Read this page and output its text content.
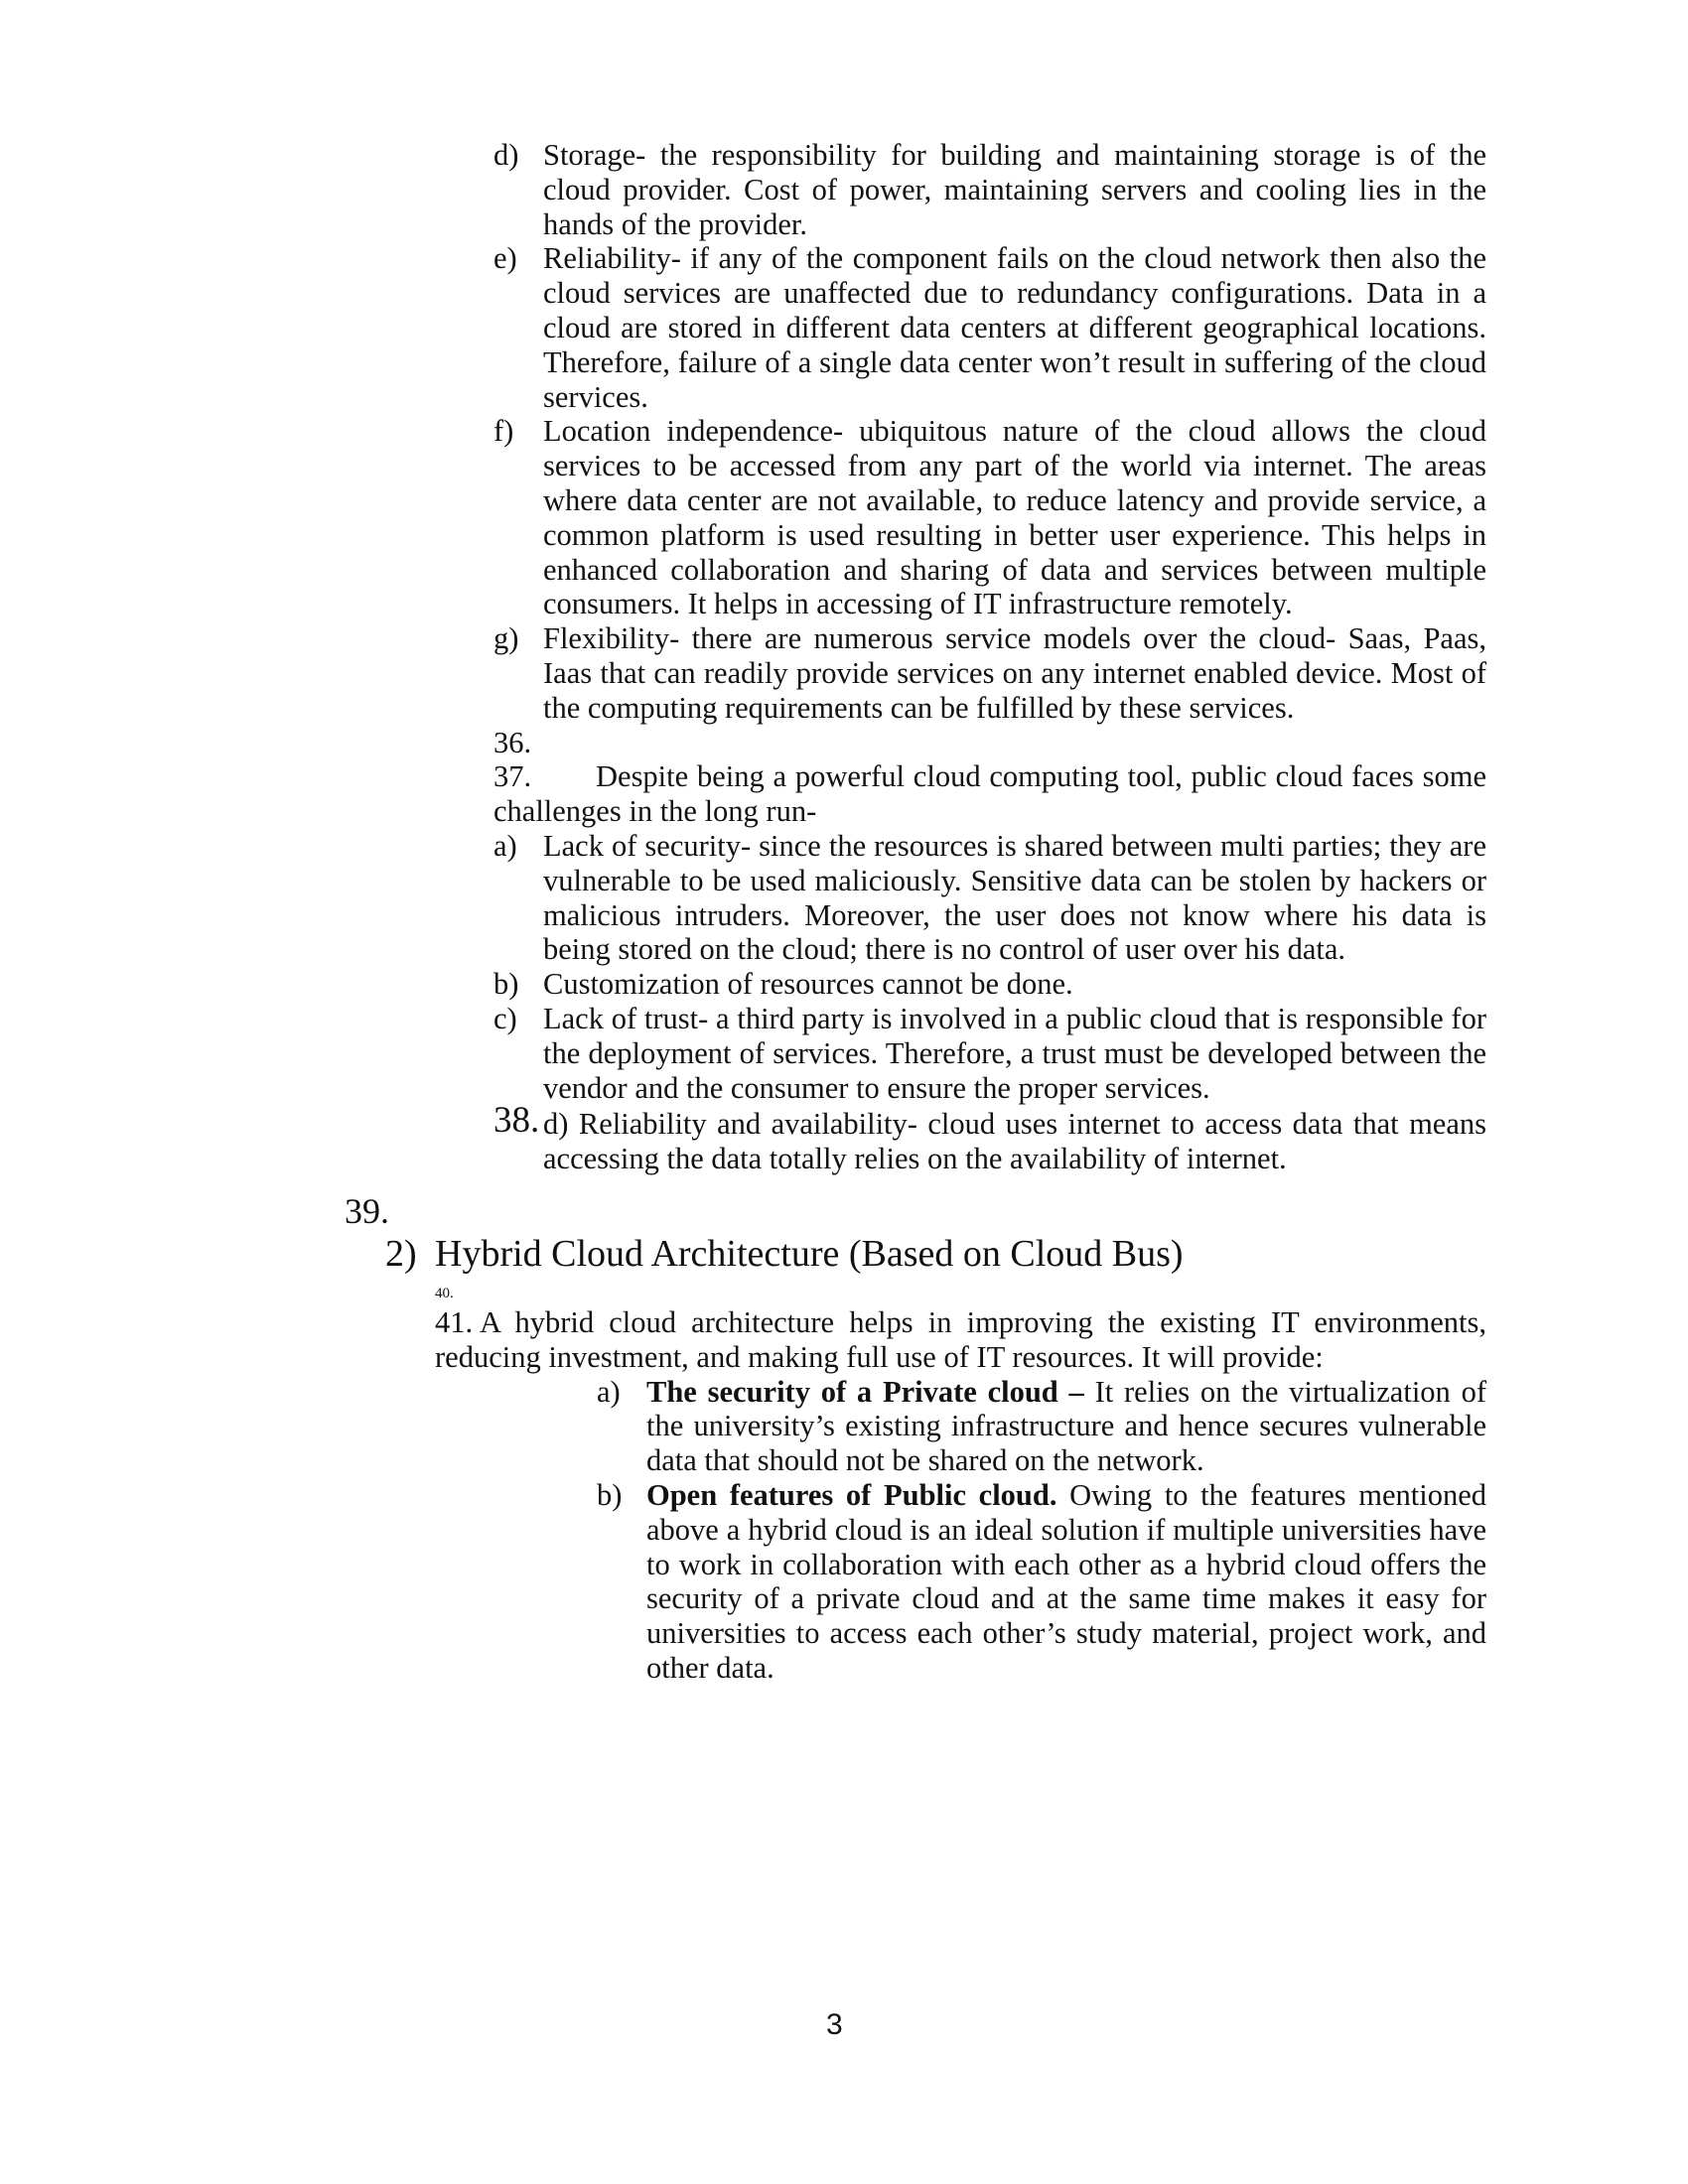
d) Storage- the responsibility for building and maintaining storage is of the cloud provider. Cost of power, maintaining servers and cooling lies in the hands of the provider.
e) Reliability- if any of the component fails on the cloud network then also the cloud services are unaffected due to redundancy configurations. Data in a cloud are stored in different data centers at different geographical locations. Therefore, failure of a single data center won’t result in suffering of the cloud services.
f) Location independence- ubiquitous nature of the cloud allows the cloud services to be accessed from any part of the world via internet. The areas where data center are not available, to reduce latency and provide service, a common platform is used resulting in better user experience. This helps in enhanced collaboration and sharing of data and services between multiple consumers. It helps in accessing of IT infrastructure remotely.
g) Flexibility- there are numerous service models over the cloud- Saas, Paas, Iaas that can readily provide services on any internet enabled device. Most of the computing requirements can be fulfilled by these services.
36.
37. Despite being a powerful cloud computing tool, public cloud faces some challenges in the long run-
a) Lack of security- since the resources is shared between multi parties; they are vulnerable to be used maliciously. Sensitive data can be stolen by hackers or malicious intruders. Moreover, the user does not know where his data is being stored on the cloud; there is no control of user over his data.
b) Customization of resources cannot be done.
c) Lack of trust- a third party is involved in a public cloud that is responsible for the deployment of services. Therefore, a trust must be developed between the vendor and the consumer to ensure the proper services.
38. d) Reliability and availability- cloud uses internet to access data that means accessing the data totally relies on the availability of internet.
39.
2) Hybrid Cloud Architecture (Based on Cloud Bus)
40.
41. A hybrid cloud architecture helps in improving the existing IT environments, reducing investment, and making full use of IT resources. It will provide:
a) The security of a Private cloud – It relies on the virtualization of the university’s existing infrastructure and hence secures vulnerable data that should not be shared on the network.
b) Open features of Public cloud. Owing to the features mentioned above a hybrid cloud is an ideal solution if multiple universities have to work in collaboration with each other as a hybrid cloud offers the security of a private cloud and at the same time makes it easy for universities to access each other’s study material, project work, and other data.
3
